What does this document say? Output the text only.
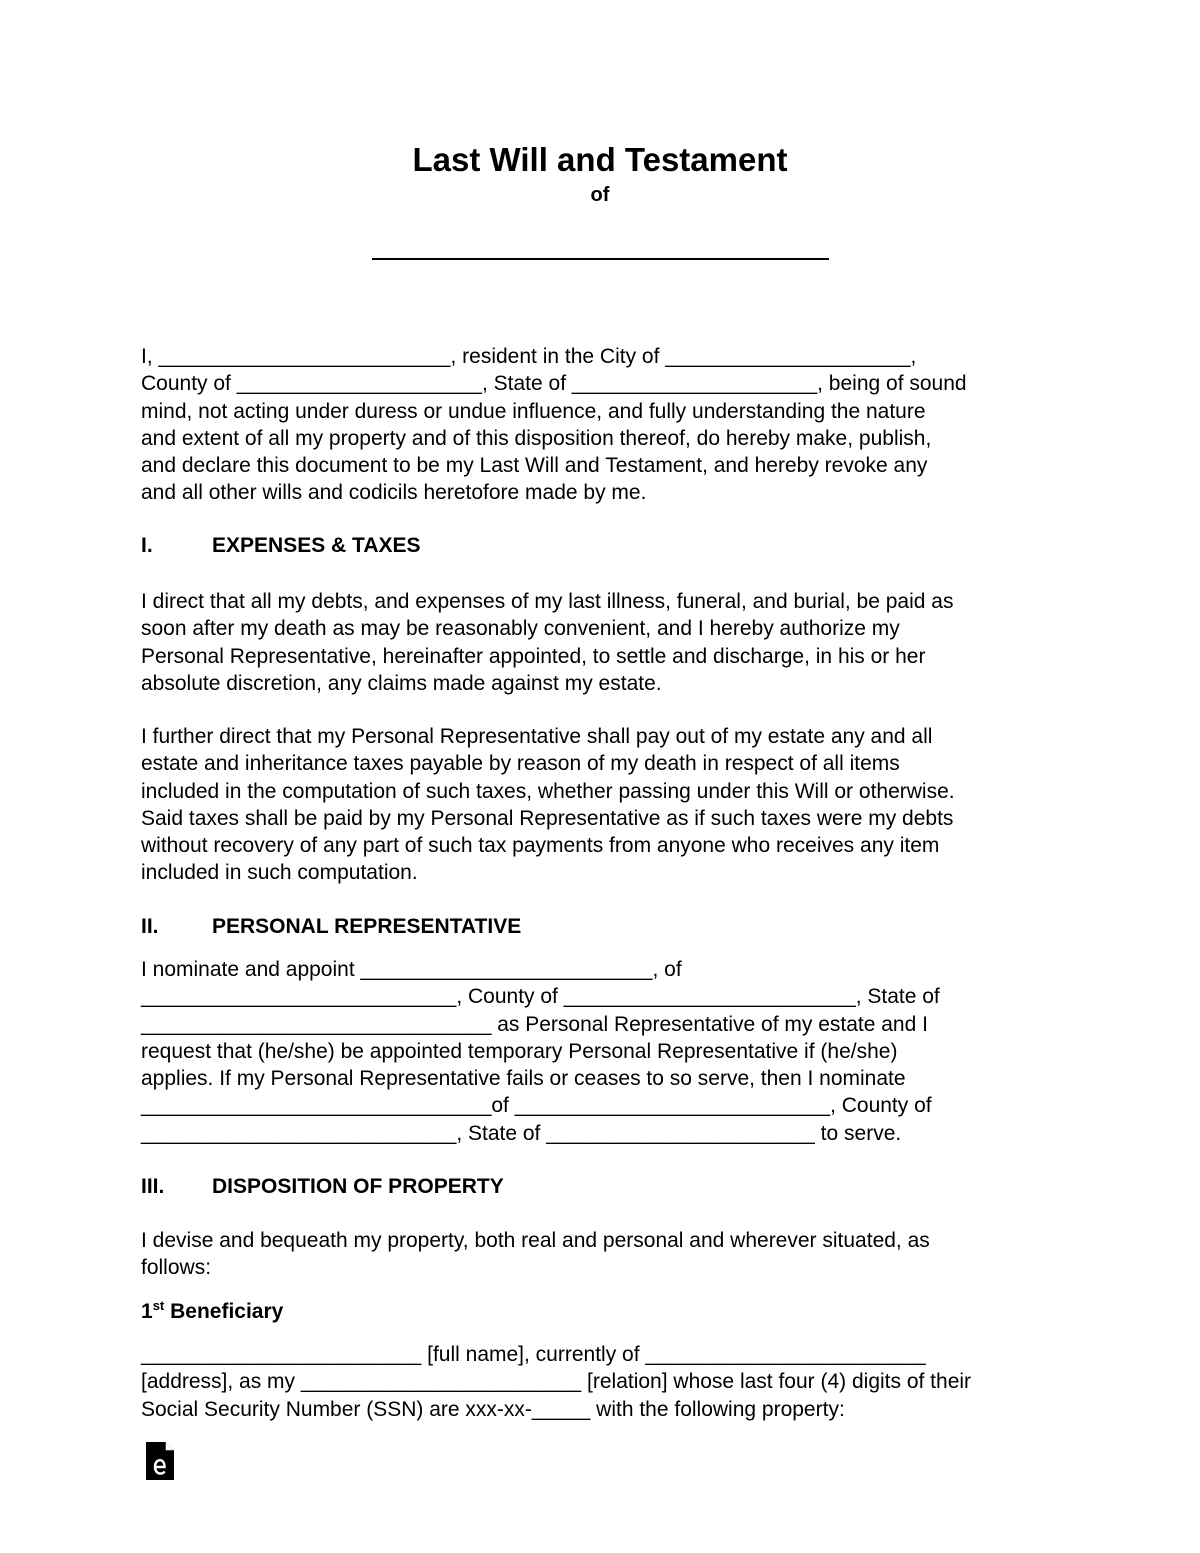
Last Will and Testament
of

I, _________________________, resident in the City of _____________________,
County of _____________________, State of _____________________, being of sound
mind, not acting under duress or undue influence, and fully understanding the nature
and extent of all my property and of this disposition thereof, do hereby make, publish,
and declare this document to be my Last Will and Testament, and hereby revoke any
and all other wills and codicils heretofore made by me.

I.	EXPENSES & TAXES

I direct that all my debts, and expenses of my last illness, funeral, and burial, be paid as
soon after my death as may be reasonably convenient, and I hereby authorize my
Personal Representative, hereinafter appointed, to settle and discharge, in his or her
absolute discretion, any claims made against my estate.

I further direct that my Personal Representative shall pay out of my estate any and all
estate and inheritance taxes payable by reason of my death in respect of all items
included in the computation of such taxes, whether passing under this Will or otherwise.
Said taxes shall be paid by my Personal Representative as if such taxes were my debts
without recovery of any part of such tax payments from anyone who receives any item
included in such computation.

II.	PERSONAL REPRESENTATIVE

I nominate and appoint _________________________, of
___________________________, County of _________________________, State of
______________________________ as Personal Representative of my estate and I
request that (he/she) be appointed temporary Personal Representative if (he/she)
applies. If my Personal Representative fails or ceases to so serve, then I nominate
______________________________of ___________________________, County of
___________________________, State of _______________________ to serve.

III. DISPOSITION OF PROPERTY

I devise and bequeath my property, both real and personal and wherever situated, as
follows:

1st Beneficiary

________________________ [full name], currently of ________________________
[address], as my ________________________ [relation] whose last four (4) digits of their
Social Security Number (SSN) are xxx-xx-_____ with the following property:
